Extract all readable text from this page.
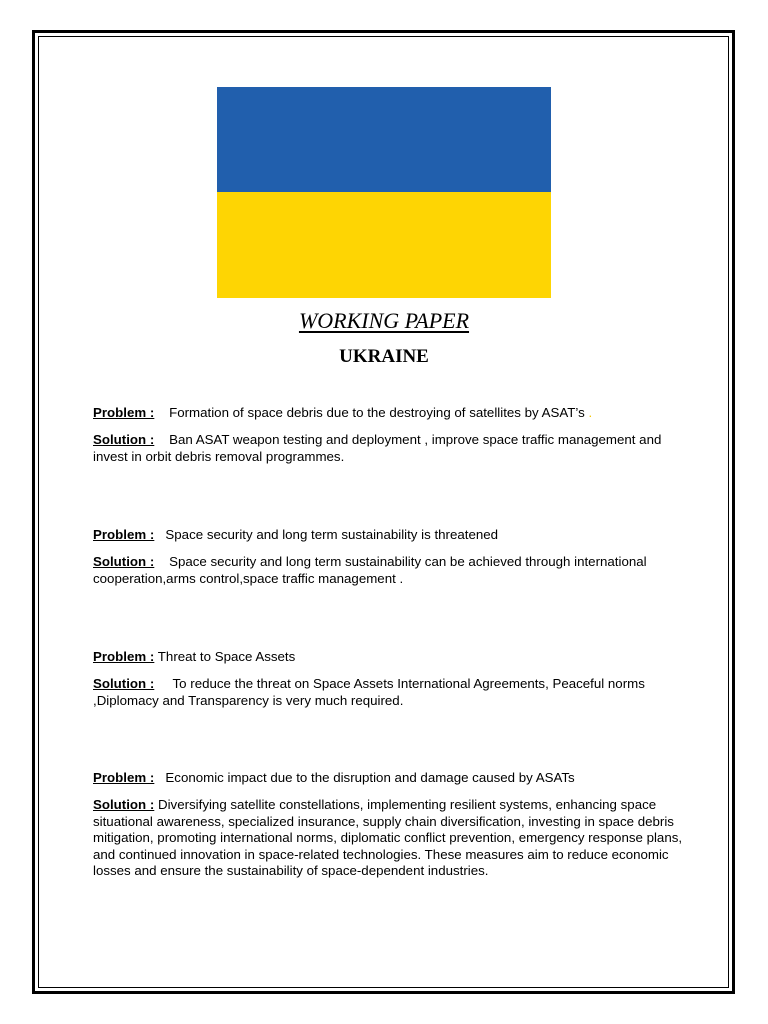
WORKING PAPER
UKRAINE
Problem : Formation of space debris due to the destroying of satellites by ASAT’s .
Solution : Ban ASAT weapon testing and deployment , improve space traffic management and invest in orbit debris removal programmes.
Problem : Space security and long term sustainability is threatened
Solution : Space security and long term sustainability can be achieved through international cooperation,arms control,space traffic management .
Problem : Threat to Space Assets
Solution : To reduce the threat on Space Assets International Agreements, Peaceful norms ,Diplomacy and Transparency is very much required.
Problem : Economic impact due to the disruption and damage caused by ASATs
Solution : Diversifying satellite constellations, implementing resilient systems, enhancing space situational awareness, specialized insurance, supply chain diversification, investing in space debris mitigation, promoting international norms, diplomatic conflict prevention, emergency response plans, and continued innovation in space-related technologies. These measures aim to reduce economic losses and ensure the sustainability of space-dependent industries.
